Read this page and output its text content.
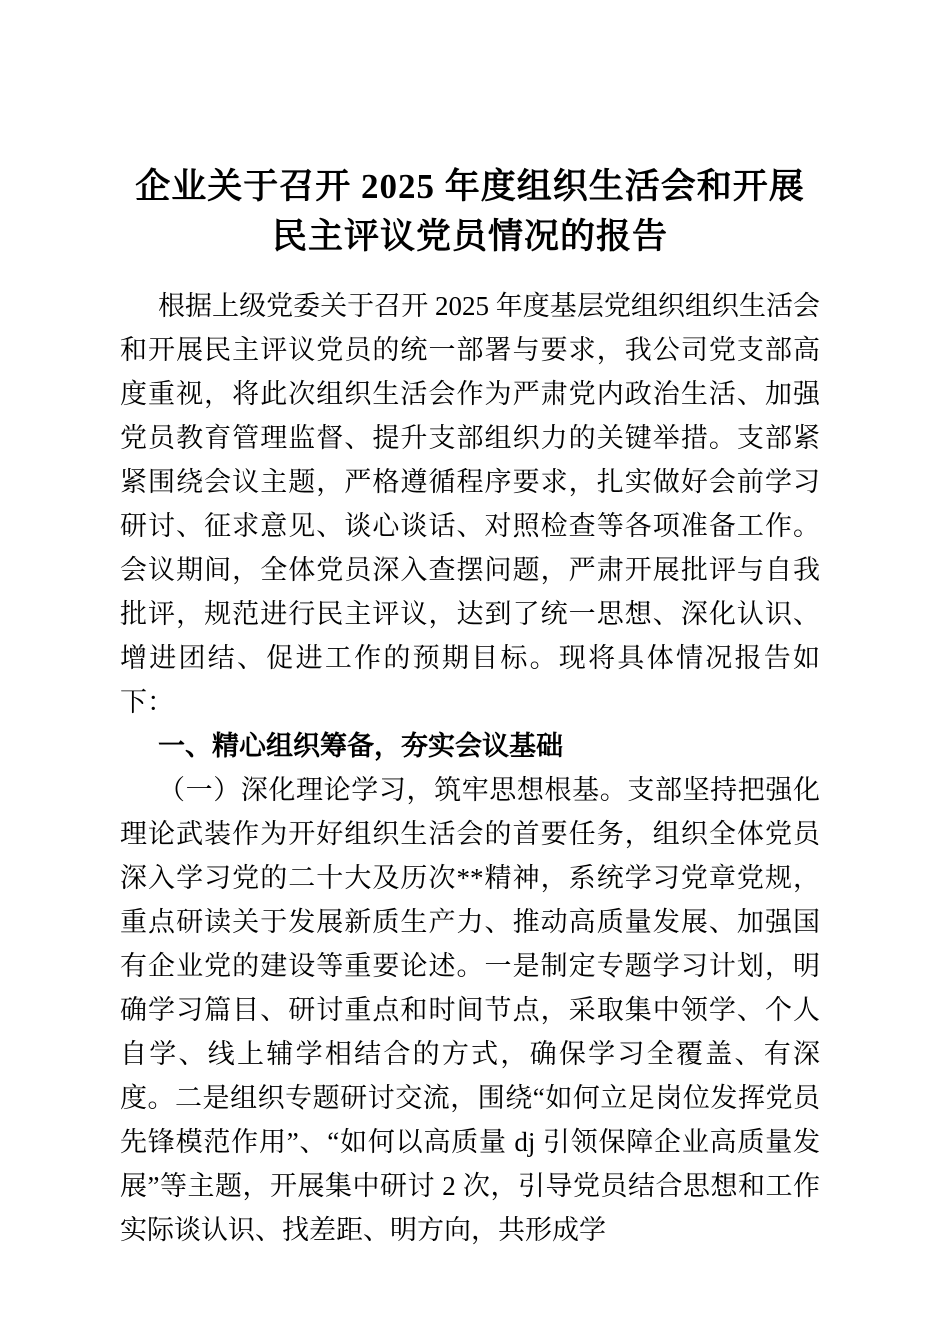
企业关于召开 2025 年度组织生活会和开展
民主评议党员情况的报告

根据上级党委关于召开 2025 年度基层党组织组织生活会和开展民主评议党员的统一部署与要求，我公司党支部高度重视，将此次组织生活会作为严肃党内政治生活、加强党员教育管理监督、提升支部组织力的关键举措。支部紧紧围绕会议主题，严格遵循程序要求，扎实做好会前学习研讨、征求意见、谈心谈话、对照检查等各项准备工作。会议期间，全体党员深入查摆问题，严肃开展批评与自我批评，规范进行民主评议，达到了统一思想、深化认识、增进团结、促进工作的预期目标。现将具体情况报告如下：

一、精心组织筹备，夯实会议基础

（一）深化理论学习，筑牢思想根基。支部坚持把强化理论武装作为开好组织生活会的首要任务，组织全体党员深入学习党的二十大及历次**精神，系统学习党章党规，重点研读关于发展新质生产力、推动高质量发展、加强国有企业党的建设等重要论述。一是制定专题学习计划，明确学习篇目、研讨重点和时间节点，采取集中领学、个人自学、线上辅学相结合的方式，确保学习全覆盖、有深度。二是组织专题研讨交流，围绕“如何立足岗位发挥党员先锋模范作用”、“如何以高质量 dj 引领保障企业高质量发展”等主题，开展集中研讨 2 次，引导党员结合思想和工作实际谈认识、找差距、明方向，共形成学
